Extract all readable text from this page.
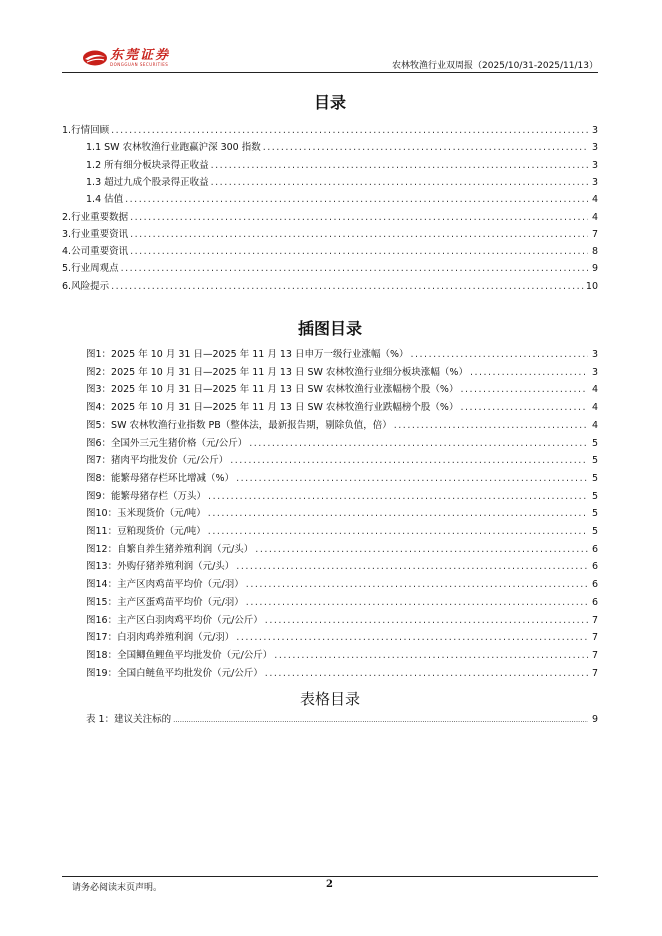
东莞证券
DONGGUAN SECURITIES	农林牧渔行业双周报（2025/10/31-2025/11/13）
目录
1.行情回顾 .....	3
1.1 SW 农林牧渔行业跑赢沪深 300 指数 .....	3
1.2 所有细分板块录得正收益 .....	3
1.3 超过九成个股录得正收益 .....	3
1.4 估值 .....	4
2.行业重要数据 .....	4
3.行业重要资讯 .....	7
4.公司重要资讯 .....	8
5.行业周观点 .....	9
6.风险提示 .....	10
插图目录
图1：2025 年 10 月 31 日—2025 年 11 月 13 日申万一级行业涨幅（%） .....	3
图2：2025 年 10 月 31 日—2025 年 11 月 13 日 SW 农林牧渔行业细分板块涨幅（%） .....	3
图3：2025 年 10 月 31 日—2025 年 11 月 13 日 SW 农林牧渔行业涨幅榜个股（%） .....	4
图4：2025 年 10 月 31 日—2025 年 11 月 13 日 SW 农林牧渔行业跌幅榜个股（%） .....	4
图5：SW 农林牧渔行业指数 PB（整体法，最新报告期，剔除负值，倍） .....	4
图6：全国外三元生猪价格（元/公斤） .....	5
图7：猪肉平均批发价（元/公斤） .....	5
图8：能繁母猪存栏环比增减（%） .....	5
图9：能繁母猪存栏（万头） .....	5
图10：玉米现货价（元/吨） .....	5
图11：豆粕现货价（元/吨） .....	5
图12：自繁自养生猪养殖利润（元/头） .....	6
图13：外购仔猪养殖利润（元/头） .....	6
图14：主产区肉鸡苗平均价（元/羽） .....	6
图15：主产区蛋鸡苗平均价（元/羽） .....	6
图16：主产区白羽肉鸡平均价（元/公斤） .....	7
图17：白羽肉鸡养殖利润（元/羽） .....	7
图18：全国鲫鱼鲤鱼平均批发价（元/公斤） .....	7
图19：全国白鲢鱼平均批发价（元/公斤） .....	7
表格目录
表 1：建议关注标的 .....	9
请务必阅读末页声明。	2
